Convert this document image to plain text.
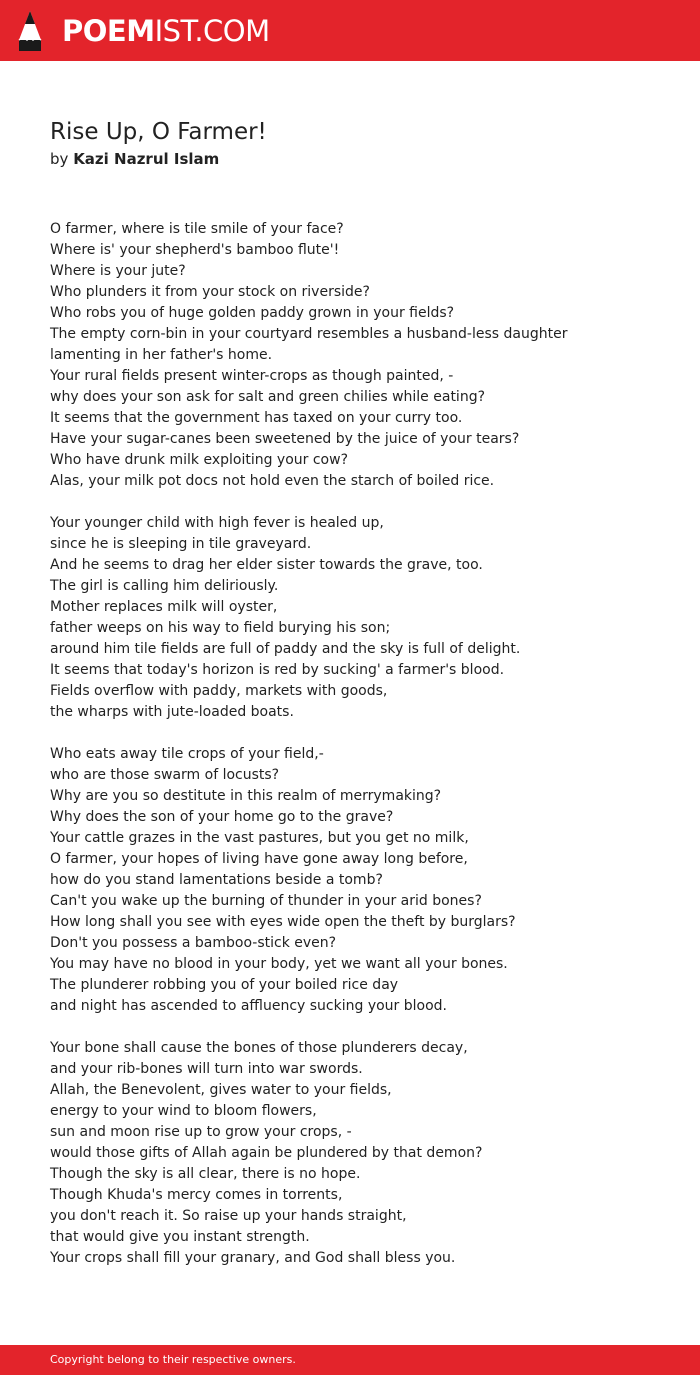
POEMIST.COM
Rise Up, O Farmer!
by Kazi Nazrul Islam
O farmer, where is tile smile of your face?
Where is' your shepherd's bamboo flute'!
Where is your jute?
Who plunders it from your stock on riverside?
Who robs you of huge golden paddy grown in your fields?
The empty corn-bin in your courtyard resembles a husband-less daughter
lamenting in her father's home.
Your rural fields present winter-crops as though painted, -
why does your son ask for salt and green chilies while eating?
It seems that the government has taxed on your curry too.
Have your sugar-canes been sweetened by the juice of your tears?
Who have drunk milk exploiting your cow?
Alas, your milk pot docs not hold even the starch of boiled rice.
Your younger child with high fever is healed up,
since he is sleeping in tile graveyard.
And he seems to drag her elder sister towards the grave, too.
The girl is calling him deliriously.
Mother replaces milk will oyster,
father weeps on his way to field burying his son;
around him tile fields are full of paddy and the sky is full of delight.
It seems that today's horizon is red by sucking' a farmer's blood.
Fields overflow with paddy, markets with goods,
the wharps with jute-loaded boats.
Who eats away tile crops of your field,-
who are those swarm of locusts?
Why are you so destitute in this realm of merrymaking?
Why does the son of your home go to the grave?
Your cattle grazes in the vast pastures, but you get no milk,
O farmer, your hopes of living have gone away long before,
how do you stand lamentations beside a tomb?
Can't you wake up the burning of thunder in your arid bones?
How long shall you see with eyes wide open the theft by burglars?
Don't you possess a bamboo-stick even?
You may have no blood in your body, yet we want all your bones.
The plunderer robbing you of your boiled rice day
and night has ascended to affluency sucking your blood.
Your bone shall cause the bones of those plunderers decay,
and your rib-bones will turn into war swords.
Allah, the Benevolent, gives water to your fields,
energy to your wind to bloom flowers,
sun and moon rise up to grow your crops, -
would those gifts of Allah again be plundered by that demon?
Though the sky is all clear, there is no hope.
Though Khuda's mercy comes in torrents,
you don't reach it. So raise up your hands straight,
that would give you instant strength.
Your crops shall fill your granary, and God shall bless you.
Copyright belong to their respective owners.
